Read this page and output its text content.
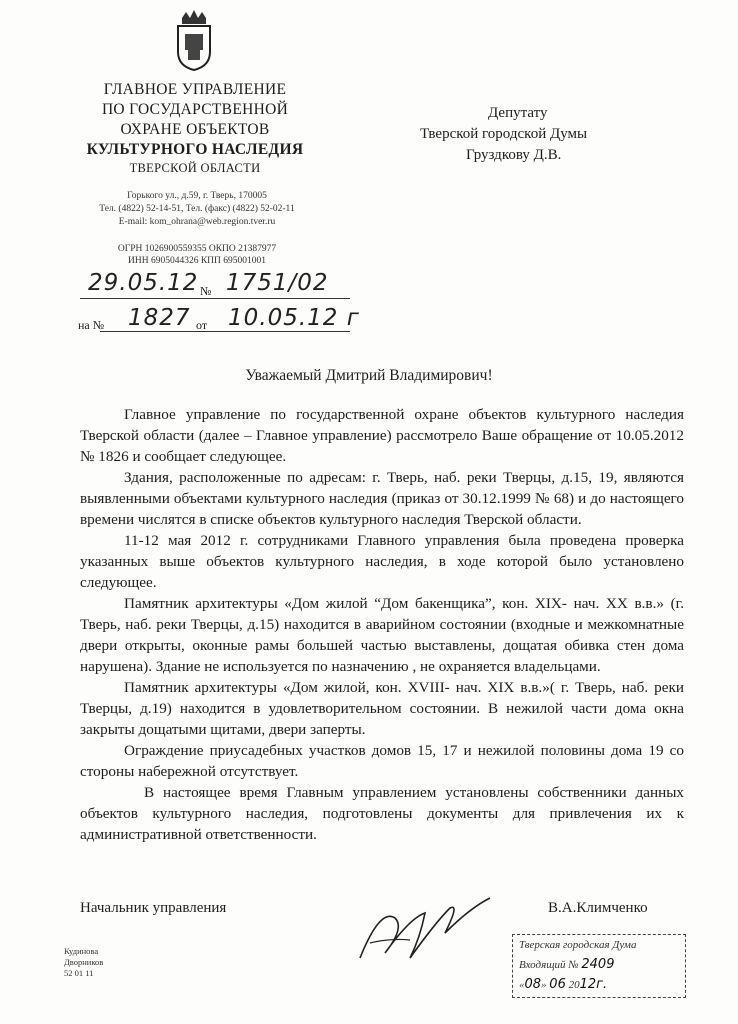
ГЛАВНОЕ УПРАВЛЕНИЕ
ПО ГОСУДАРСТВЕННОЙ
ОХРАНЕ ОБЪЕКТОВ
КУЛЬТУРНОГО НАСЛЕДИЯ
ТВЕРСКОЙ ОБЛАСТИ
Горького ул., д.59, г. Тверь, 170005
Тел. (4822) 52-14-51, Тел. (факс) (4822) 52-02-11
E-mail: kom_ohrana@web.region.tver.ru
ОГРН 1026900559355 ОКПО 21387977
ИНН 6905044326 КПП 695001001
29.05.12 № 1751/02
на № 1827 от 10.05.12 г
Депутату
Тверской городской Думы
Груздкову Д.В.
Уважаемый Дмитрий Владимирович!

Главное управление по государственной охране объектов культурного наследия Тверской области (далее – Главное управление) рассмотрело Ваше обращение от 10.05.2012 № 1826 и сообщает следующее.

Здания, расположенные по адресам: г. Тверь, наб. реки Тверцы, д.15, 19, являются выявленными объектами культурного наследия (приказ от 30.12.1999 № 68) и до настоящего времени числятся в списке объектов культурного наследия Тверской области.

11-12 мая 2012 г. сотрудниками Главного управления была проведена проверка указанных выше объектов культурного наследия, в ходе которой было установлено следующее.

Памятник архитектуры «Дом жилой “Дом бакенщика”, кон. XIX- нач. XX в.в.» (г. Тверь, наб. реки Тверцы, д.15) находится в аварийном состоянии (входные и межкомнатные двери открыты, оконные рамы большей частью выставлены, дощатая обивка стен дома нарушена). Здание не используется по назначению , не охраняется владельцами.

Памятник архитектуры «Дом жилой, кон. XVIII- нач. XIX в.в.»( г. Тверь, наб. реки Тверцы, д.19) находится в удовлетворительном состоянии. В нежилой части дома окна закрыты дощатыми щитами, двери заперты.

Ограждение приусадебных участков домов 15, 17 и нежилой половины дома 19 со стороны набережной отсутствует.

В настоящее время Главным управлением установлены собственники данных объектов культурного наследия, подготовлены документы для привлечения их к административной ответственности.

Начальник управления	В.А.Климченко
Кудинова
Дворников
52 01 11
Тверская городская Дума
Входящий № 2409
«08» 06 2012г.
